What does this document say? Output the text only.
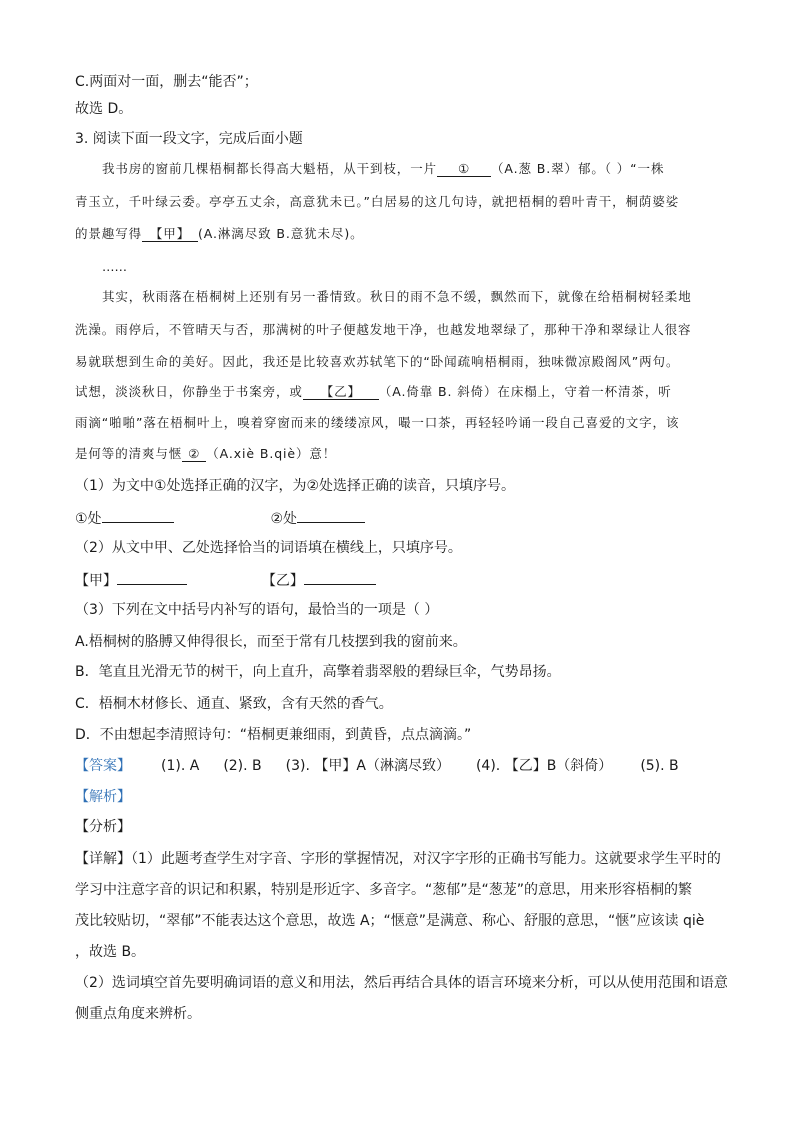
C.两面对一面，删去“能否”；
故选 D。
3. 阅读下面一段文字，完成后面小题
我书房的窗前几棵梧桐都长得高大魁梧，从干到枝，一片 ① （A.葱 B.翠）郁。（ ）“一株
青玉立，千叶绿云委。亭亭五丈余，高意犹未已。”白居易的这几句诗，就把梧桐的碧叶青干，桐荫婆娑
的景趣写得 【甲】 (A.淋漓尽致 B.意犹未尽)。
……
其实，秋雨落在梧桐树上还别有另一番情致。秋日的雨不急不缓，飘然而下，就像在给梧桐树轻柔地
洗澡。雨停后，不管晴天与否，那满树的叶子便越发地干净，也越发地翠绿了，那种干净和翠绿让人很容
易就联想到生命的美好。因此，我还是比较喜欢苏轼笔下的“卧闻疏响梧桐雨，独味微凉殿阁风”两句。
试想，淡淡秋日，你静坐于书案旁，或 【乙】 （A.倚靠 B. 斜倚）在床榻上，守着一杯清茶，听
雨滴“啪啪”落在梧桐叶上，嗅着穿窗而来的缕缕凉风，嘬一口茶，再轻轻吟诵一段自己喜爱的文字，该
是何等的清爽与惬 ② （A.xiè B.qiè）意！
（1）为文中①处选择正确的汉字，为②处选择正确的读音，只填序号。
①处	②处
（2）从文中甲、乙处选择恰当的词语填在横线上，只填序号。
【甲】	【乙】
（3）下列在文中括号内补写的语句，最恰当的一项是（ ）
A.梧桐树的胳膊又伸得很长，而至于常有几枝摆到我的窗前来。
B．笔直且光滑无节的树干，向上直升，高擎着翡翠般的碧绿巨伞，气势昂扬。
C．梧桐木材修长、通直、紧致，含有天然的香气。
D．不由想起李清照诗句：“梧桐更兼细雨，到黄昏，点点滴滴。”
【答案】 (1). A (2). B (3). 【甲】A（淋漓尽致） (4). 【乙】B（斜倚） (5). B
【解析】
【分析】
【详解】（1）此题考查学生对字音、字形的掌握情况，对汉字字形的正确书写能力。这就要求学生平时的
学习中注意字音的识记和积累，特别是形近字、多音字。“葱郁”是“葱茏”的意思，用来形容梧桐的繁
茂比较贴切，“翠郁”不能表达这个意思，故选 A；“惬意”是满意、称心、舒服的意思，“惬”应该读 qiè
，故选 B。
（2）选词填空首先要明确词语的意义和用法，然后再结合具体的语言环境来分析，可以从使用范围和语意
侧重点角度来辨析。
